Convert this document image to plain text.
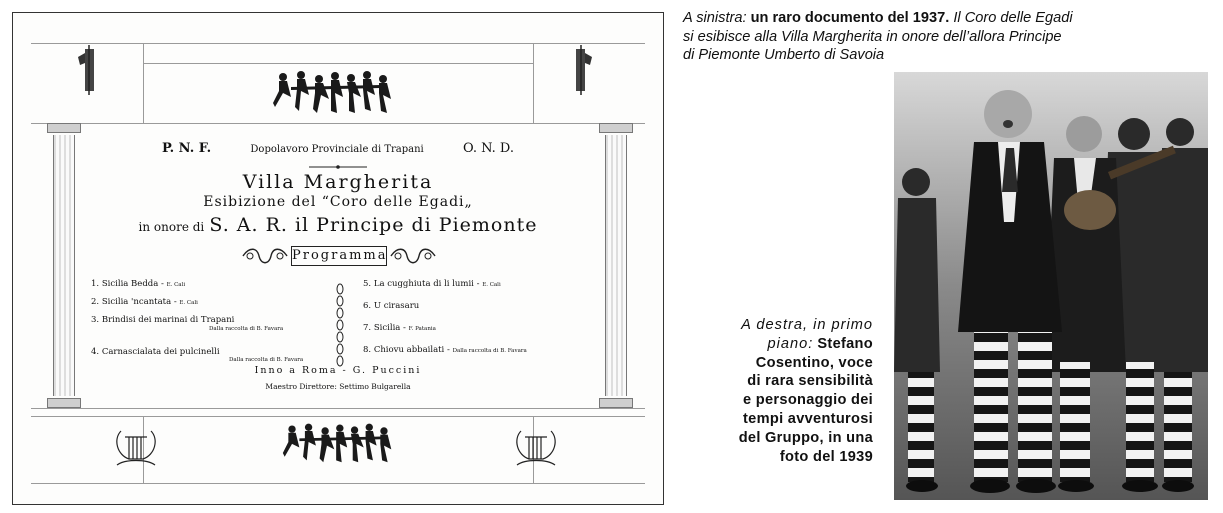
P. N. F.	Dopolavoro Provinciale di Trapani	O. N. D.
Villa Margherita
Esibizione del “Coro delle Egadi„
in onore di S. A. R. il Principe di Piemonte
Programma
1. Sicilia Bedda - E. Cali
2. Sicilia 'ncantata - E. Cali
3. Brindisi dei marinai di Trapani
Dalla raccolta di B. Favara
4. Carnascialata dei pulcinelli
Dalla raccolta di B. Favara
5. La cugghiuta di li lumii - E. Cali
6. U cirasaru
7. Sicilia - F. Patania
8. Chiovu abbailati - Dalla raccolta di B. Favara
Inno a Roma - G. Puccini
Maestro Direttore: Settimo Bulgarella
A sinistra: un raro documento del 1937. Il Coro delle Egadi
si esibisce alla Villa Margherita in onore dell’allora Principe
di Piemonte Umberto di Savoia
A destra, in primo
piano: Stefano
Cosentino, voce
di rara sensibilità
e personaggio dei
tempi avventurosi
del Gruppo, in una
foto del 1939
